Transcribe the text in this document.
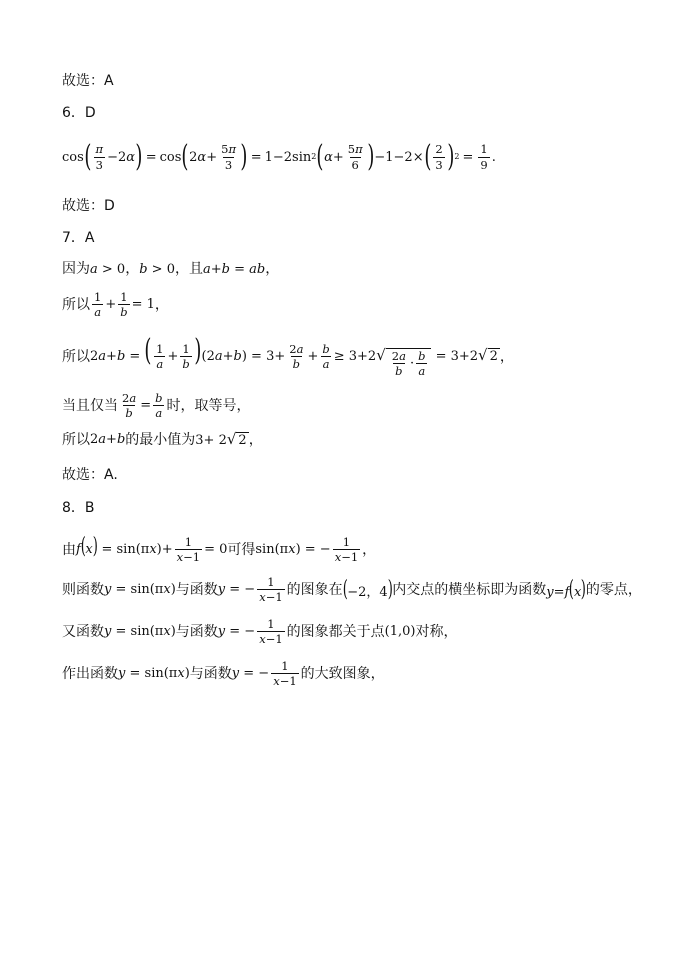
故选：A
6．D
cos ( $\frac{\pi}{3} -2$ α ) = cos ( 2 $\alpha + \frac{5\pi}{3}$ ) = 1−2sin 2 ( $\alpha + \frac{5\pi}{6}$ ) −1−2× ( $\frac{2}{3}$ ) $2 = \frac{1}{9}$ .
故选：D
7．A
因为 a > 0 ， b > 0 ，且 a+b = ab ，
所以 $\frac{1}{a} + \frac{1}{b} = 1$ ，
所以 2a+b = ( $\frac{1}{a} + \frac{1}{b} )(2a+b) = 3+ \frac{2a}{b} + \frac{b}{a} \ge 3+2$ √ $\frac{2a}{b} \cdot \frac{b}{a} = 3+2$ √ 2 ，
当且仅当 $\frac{2a}{b} = \frac{b}{a}$ 时，取等号，
所以 2a+b 的最小值为 3+ 2 √ 2 ，
故选：A.
8．B
由 $f(x) = \sin(\pi x)+ \frac{1}{x-1} = 0$ 可得 sin(πx) = − $\frac{1}{x-1}$ ，
则函数 y = sin(πx) 与函数 y = − $\frac{1}{x-1}$ 的图象在 (−2，4) 内交点的横坐标即为函数 y=f(x) 的零点，
又函数 y = sin(πx) 与函数 y = − $\frac{1}{x-1}$ 的图象都关于点 (1,0) 对称，
作出函数 y = sin(πx) 与函数 y = − $\frac{1}{x-1}$ 的大致图象，
